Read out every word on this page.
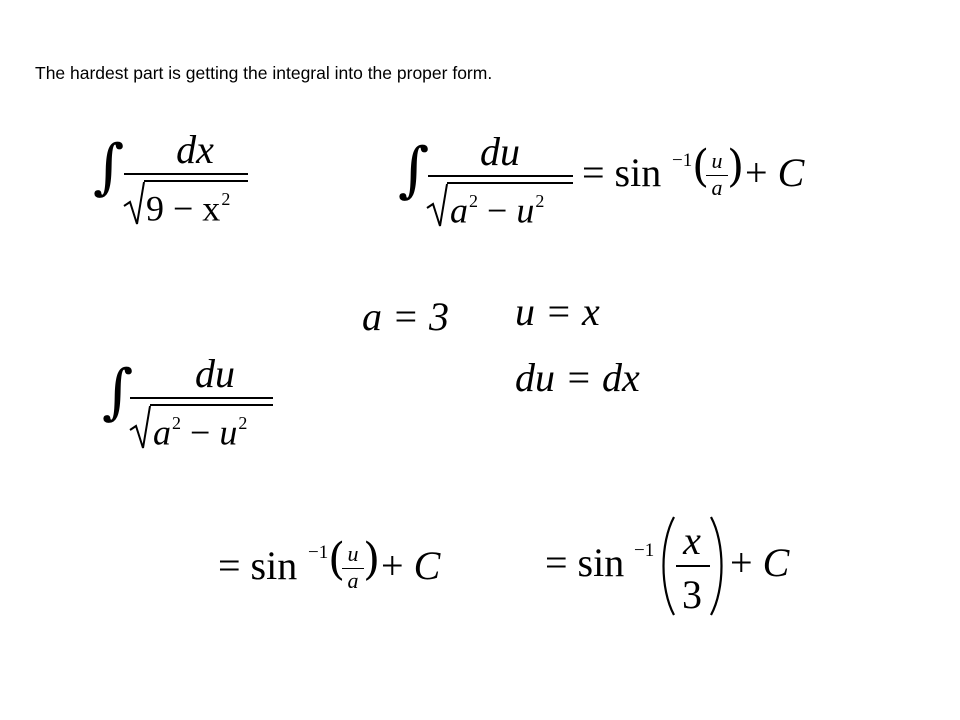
The hardest part is getting the integral into the proper form.
∫	dx
$9 - x^2$	∫	du
$a^2 - u^2$
= sin −1 ( u
a ) + C
a = 3 u = x
du = dx
∫	du
$a^2 - u^2$
= sin −1 ( u
a ) + C	= sin −1 x
3
+ C
